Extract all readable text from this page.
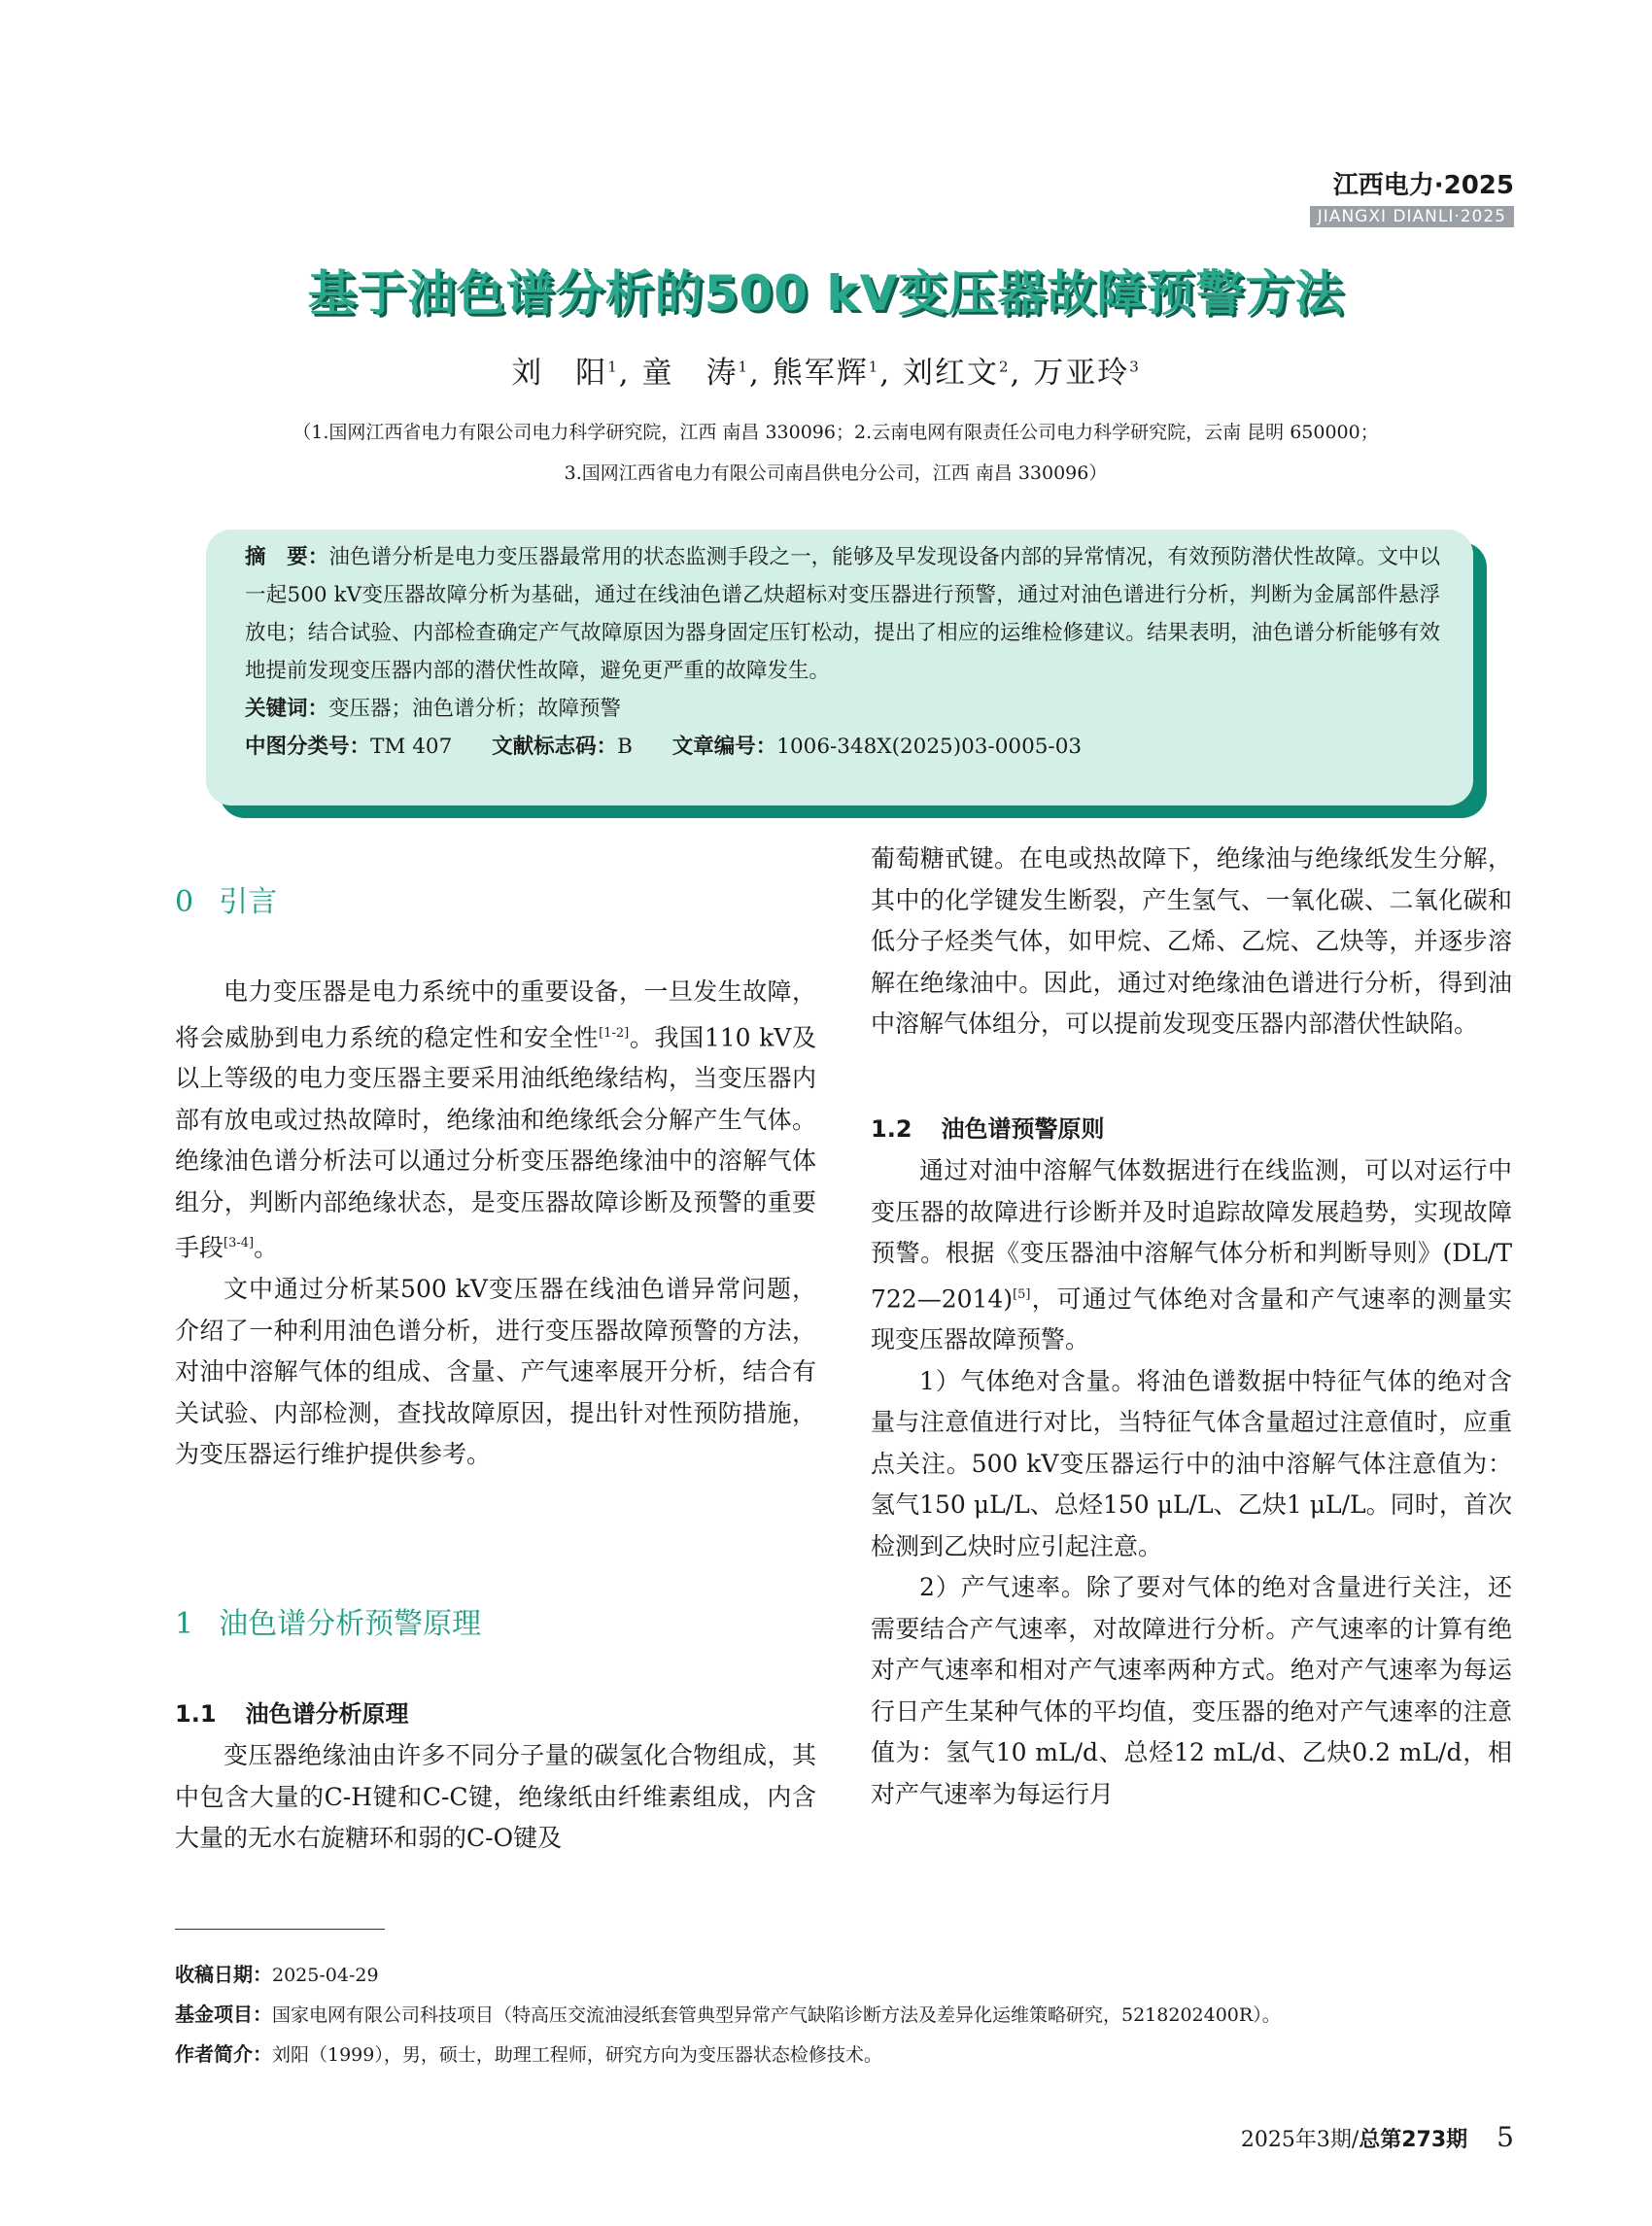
江西电力·2025
JIANGXI DIANLI·2025
基于油色谱分析的500 kV变压器故障预警方法
刘　阳$^1$, 童　涛$^1$, 熊军辉$^1$, 刘红文$^2$, 万亚玲$^3$
（1.国网江西省电力有限公司电力科学研究院，江西 南昌 330096；2.云南电网有限责任公司电力科学研究院，云南 昆明 650000；
3.国网江西省电力有限公司南昌供电分公司，江西 南昌 330096）
摘　要：油色谱分析是电力变压器最常用的状态监测手段之一，能够及早发现设备内部的异常情况，有效预防潜伏性故障。文中以一起500 kV变压器故障分析为基础，通过在线油色谱乙炔超标对变压器进行预警，通过对油色谱进行分析，判断为金属部件悬浮放电；结合试验、内部检查确定产气故障原因为器身固定压钉松动，提出了相应的运维检修建议。结果表明，油色谱分析能够有效地提前发现变压器内部的潜伏性故障，避免更严重的故障发生。
关键词：变压器；油色谱分析；故障预警
中图分类号：TM 407 文献标志码：B 文章编号：1006-348X(2025)03-0005-03
0 引言

电力变压器是电力系统中的重要设备，一旦发生故障，将会威胁到电力系统的稳定性和安全性[1-2]。我国110 kV及以上等级的电力变压器主要采用油纸绝缘结构，当变压器内部有放电或过热故障时，绝缘油和绝缘纸会分解产生气体。绝缘油色谱分析法可以通过分析变压器绝缘油中的溶解气体组分，判断内部绝缘状态，是变压器故障诊断及预警的重要手段[3-4]。

文中通过分析某500 kV变压器在线油色谱异常问题，介绍了一种利用油色谱分析，进行变压器故障预警的方法，对油中溶解气体的组成、含量、产气速率展开分析，结合有关试验、内部检测，查找故障原因，提出针对性预防措施，为变压器运行维护提供参考。

1 油色谱分析预警原理
1.1 油色谱分析原理

变压器绝缘油由许多不同分子量的碳氢化合物组成，其中包含大量的C-H键和C-C键，绝缘纸由纤维素组成，内含大量的无水右旋糖环和弱的C-O键及

葡萄糖甙键。在电或热故障下，绝缘油与绝缘纸发生分解，其中的化学键发生断裂，产生氢气、一氧化碳、二氧化碳和低分子烃类气体，如甲烷、乙烯、乙烷、乙炔等，并逐步溶解在绝缘油中。因此，通过对绝缘油色谱进行分析，得到油中溶解气体组分，可以提前发现变压器内部潜伏性缺陷。
1.2 油色谱预警原则

通过对油中溶解气体数据进行在线监测，可以对运行中变压器的故障进行诊断并及时追踪故障发展趋势，实现故障预警。根据《变压器油中溶解气体分析和判断导则》(DL/T 722—2014)[5]，可通过气体绝对含量和产气速率的测量实现变压器故障预警。

1）气体绝对含量。将油色谱数据中特征气体的绝对含量与注意值进行对比，当特征气体含量超过注意值时，应重点关注。500 kV变压器运行中的油中溶解气体注意值为：氢气150 μL/L、总烃150 μL/L、乙炔1 μL/L。同时，首次检测到乙炔时应引起注意。

2）产气速率。除了要对气体的绝对含量进行关注，还需要结合产气速率，对故障进行分析。产气速率的计算有绝对产气速率和相对产气速率两种方式。绝对产气速率为每运行日产生某种气体的平均值，变压器的绝对产气速率的注意值为：氢气10 mL/d、总烃12 mL/d、乙炔0.2 mL/d，相对产气速率为每运行月

收稿日期：2025-04-29
基金项目：国家电网有限公司科技项目（特高压交流油浸纸套管典型异常产气缺陷诊断方法及差异化运维策略研究，5218202400R）。
作者简介：刘阳（1999），男，硕士，助理工程师，研究方向为变压器状态检修技术。
2025年3期/总第273期 5
